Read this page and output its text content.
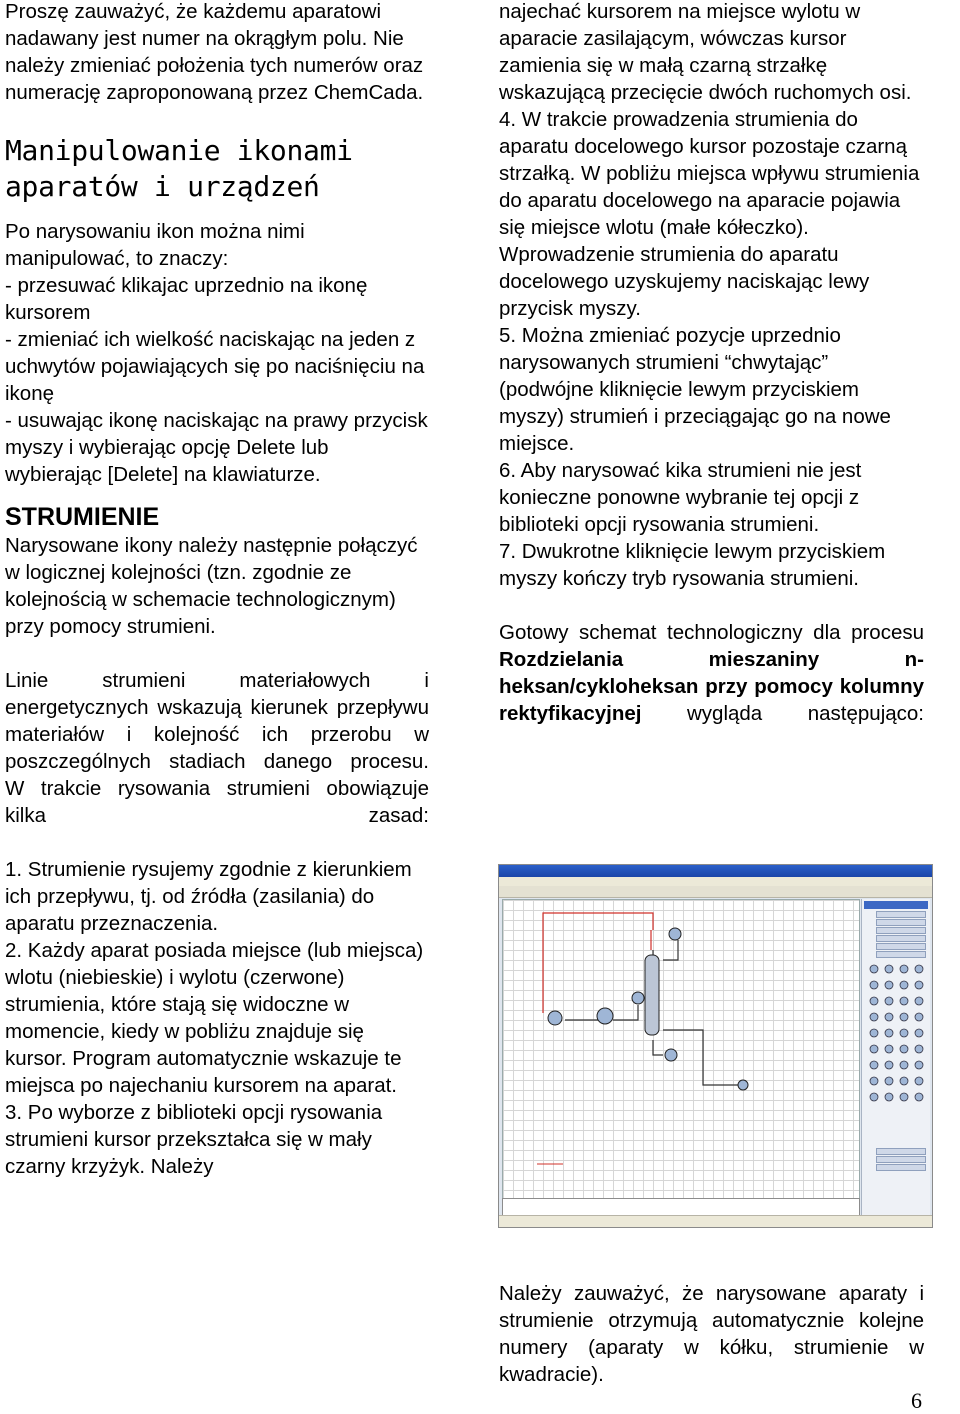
Proszę zauważyć, że każdemu aparatowi nadawany jest numer na okrągłym polu. Nie należy zmieniać położenia tych numerów oraz numerację zaproponowaną przez ChemCada.

Manipulowanie ikonami aparatów i urządzeń

Po narysowaniu ikon można nimi manipulować, to znaczy:

- przesuwać klikajac uprzednio na ikonę kursorem

- zmieniać ich wielkość naciskając na jeden z uchwytów pojawiających się po naciśnięciu na ikonę

- usuwając ikonę naciskając na prawy przycisk myszy i wybierając opcję Delete lub wybierając [Delete] na klawiaturze.

STRUMIENIE

Narysowane ikony należy następnie połączyć w logicznej kolejności (tzn. zgodnie ze kolejnością w schemacie technologicznym) przy pomocy strumieni.

Linie strumieni materiałowych i energetycznych wskazują kierunek przepływu materiałów i kolejność ich przerobu w poszczególnych stadiach danego procesu.

W trakcie rysowania strumieni obowiązuje kilka zasad:

1. Strumienie rysujemy zgodnie z kierunkiem ich przepływu, tj. od źródła (zasilania) do aparatu przeznaczenia.

2. Każdy aparat posiada miejsce (lub miejsca) wlotu (niebieskie) i wylotu (czerwone) strumienia, które stają się widoczne w momencie, kiedy w pobliżu znajduje się kursor. Program automatycznie wskazuje te miejsca po najechaniu kursorem na aparat.

3. Po wyborze z biblioteki opcji rysowania strumieni kursor przekształca się w mały czarny krzyżyk. Należy

najechać kursorem na miejsce wylotu w aparacie zasilającym, wówczas kursor zamienia się w małą czarną strzałkę wskazującą przecięcie dwóch ruchomych osi.

4. W trakcie prowadzenia strumienia do aparatu docelowego kursor pozostaje czarną strzałką. W pobliżu miejsca wpływu strumienia do aparatu docelowego na aparacie pojawia się miejsce wlotu (małe kółeczko). Wprowadzenie strumienia do aparatu docelowego uzyskujemy naciskając lewy przycisk myszy.

5. Można zmieniać pozycje uprzednio narysowanych strumieni “chwytając” (podwójne kliknięcie lewym przyciskiem myszy) strumień i przeciągając go na nowe miejsce.

6. Aby narysować kika strumieni nie jest konieczne ponowne wybranie tej opcji z biblioteki opcji rysowania strumieni.

7. Dwukrotne kliknięcie lewym przyciskiem myszy kończy tryb rysowania strumieni.

Gotowy schemat technologiczny dla procesu Rozdzielania mieszaniny n-heksan/cykloheksan przy pomocy kolumny rektyfikacyjnej wygląda następująco:

Należy zauważyć, że narysowane aparaty i strumienie otrzymują automatycznie kolejne numery (aparaty w kółku, strumienie w kwadracie).

6
